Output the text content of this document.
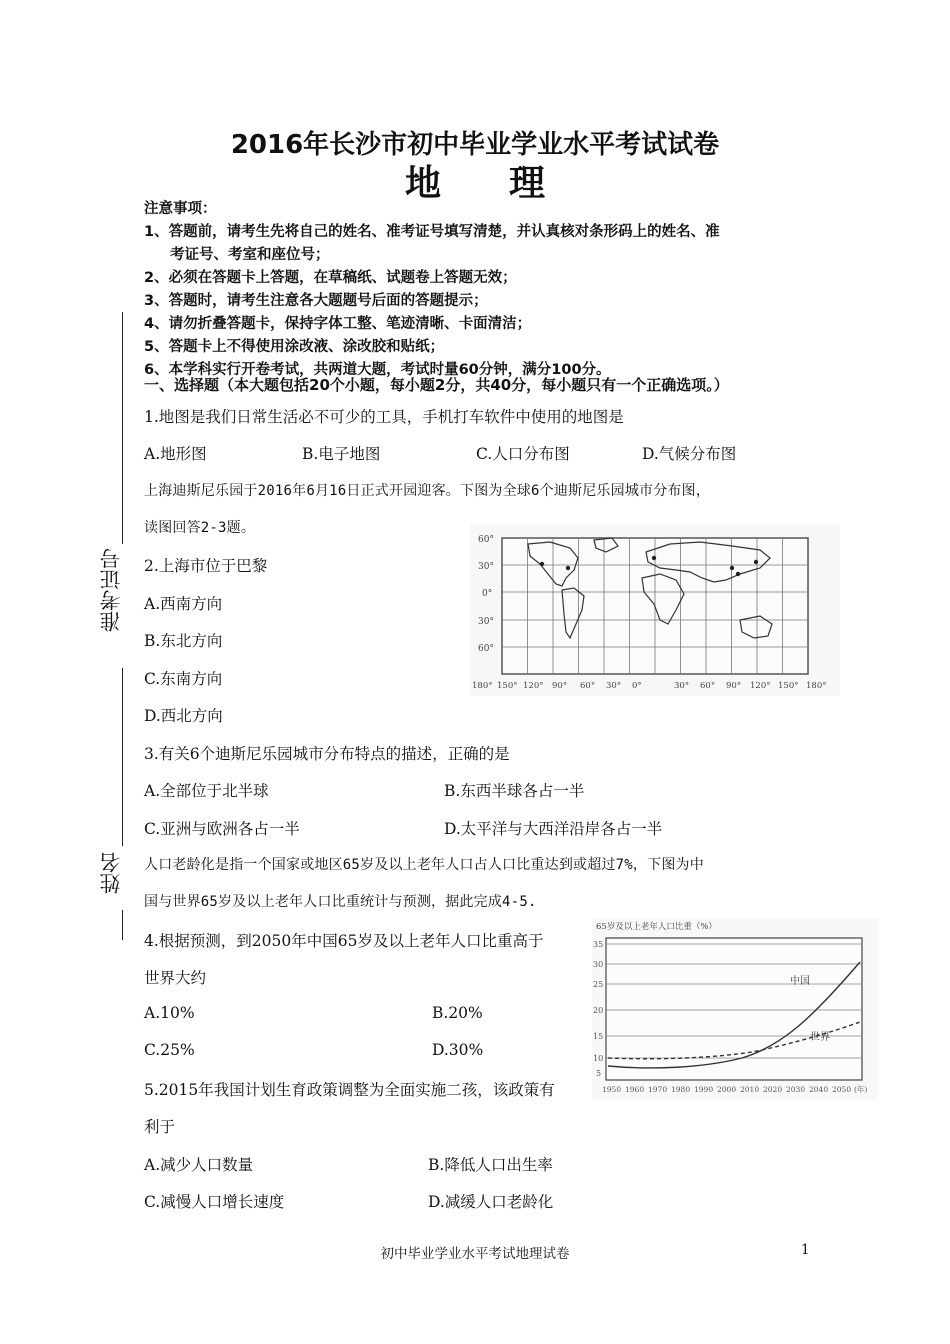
准考证号
姓名
2016年长沙市初中毕业学业水平考试试卷
地 理
注意事项：
1、答题前，请考生先将自己的姓名、准考证号填写清楚，并认真核对条形码上的姓名、准
考证号、考室和座位号；
2、必须在答题卡上答题，在草稿纸、试题卷上答题无效；
3、答题时，请考生注意各大题题号后面的答题提示；
4、请勿折叠答题卡，保持字体工整、笔迹清晰、卡面清洁；
5、答题卡上不得使用涂改液、涂改胶和贴纸；
6、本学科实行开卷考试，共两道大题，考试时量60分钟，满分100分。
一、选择题（本大题包括20个小题，每小题2分，共40分，每小题只有一个正确选项。）
1.地图是我们日常生活必不可少的工具，手机打车软件中使用的地图是
A.地形图	B.电子地图	C.人口分布图	D.气候分布图
上海迪斯尼乐园于2016年6月16日正式开园迎客。下图为全球6个迪斯尼乐园城市分布图，
读图回答2-3题。
2.上海市位于巴黎
A.西南方向
B.东北方向
C.东南方向
D.西北方向
60°
30°
0°
30°
60°
180° 150° 120° 90° 60° 30° 0°	30° 60° 90° 120° 150° 180°
3.有关6个迪斯尼乐园城市分布特点的描述，正确的是
A.全部位于北半球	B.东西半球各占一半
C.亚洲与欧洲各占一半	D.太平洋与大西洋沿岸各占一半
人口老龄化是指一个国家或地区65岁及以上老年人口占人口比重达到或超过7%，下图为中
国与世界65岁及以上老年人口比重统计与预测，据此完成4-5.
4.根据预测，到2050年中国65岁及以上老年人口比重高于
世界大约
A.10%	B.20%
C.25%	D.30%
65岁及以上老年人口比重（%）
35
30
25
20
15
10
5
中国
世界
1950 1960 1970 1980 1990 2000 2010 2020 2030 2040 2050 (年)
5.2015年我国计划生育政策调整为全面实施二孩，该政策有
利于
A.减少人口数量	B.降低人口出生率
C.减慢人口增长速度	D.减缓人口老龄化
初中毕业学业水平考试地理试卷	1
